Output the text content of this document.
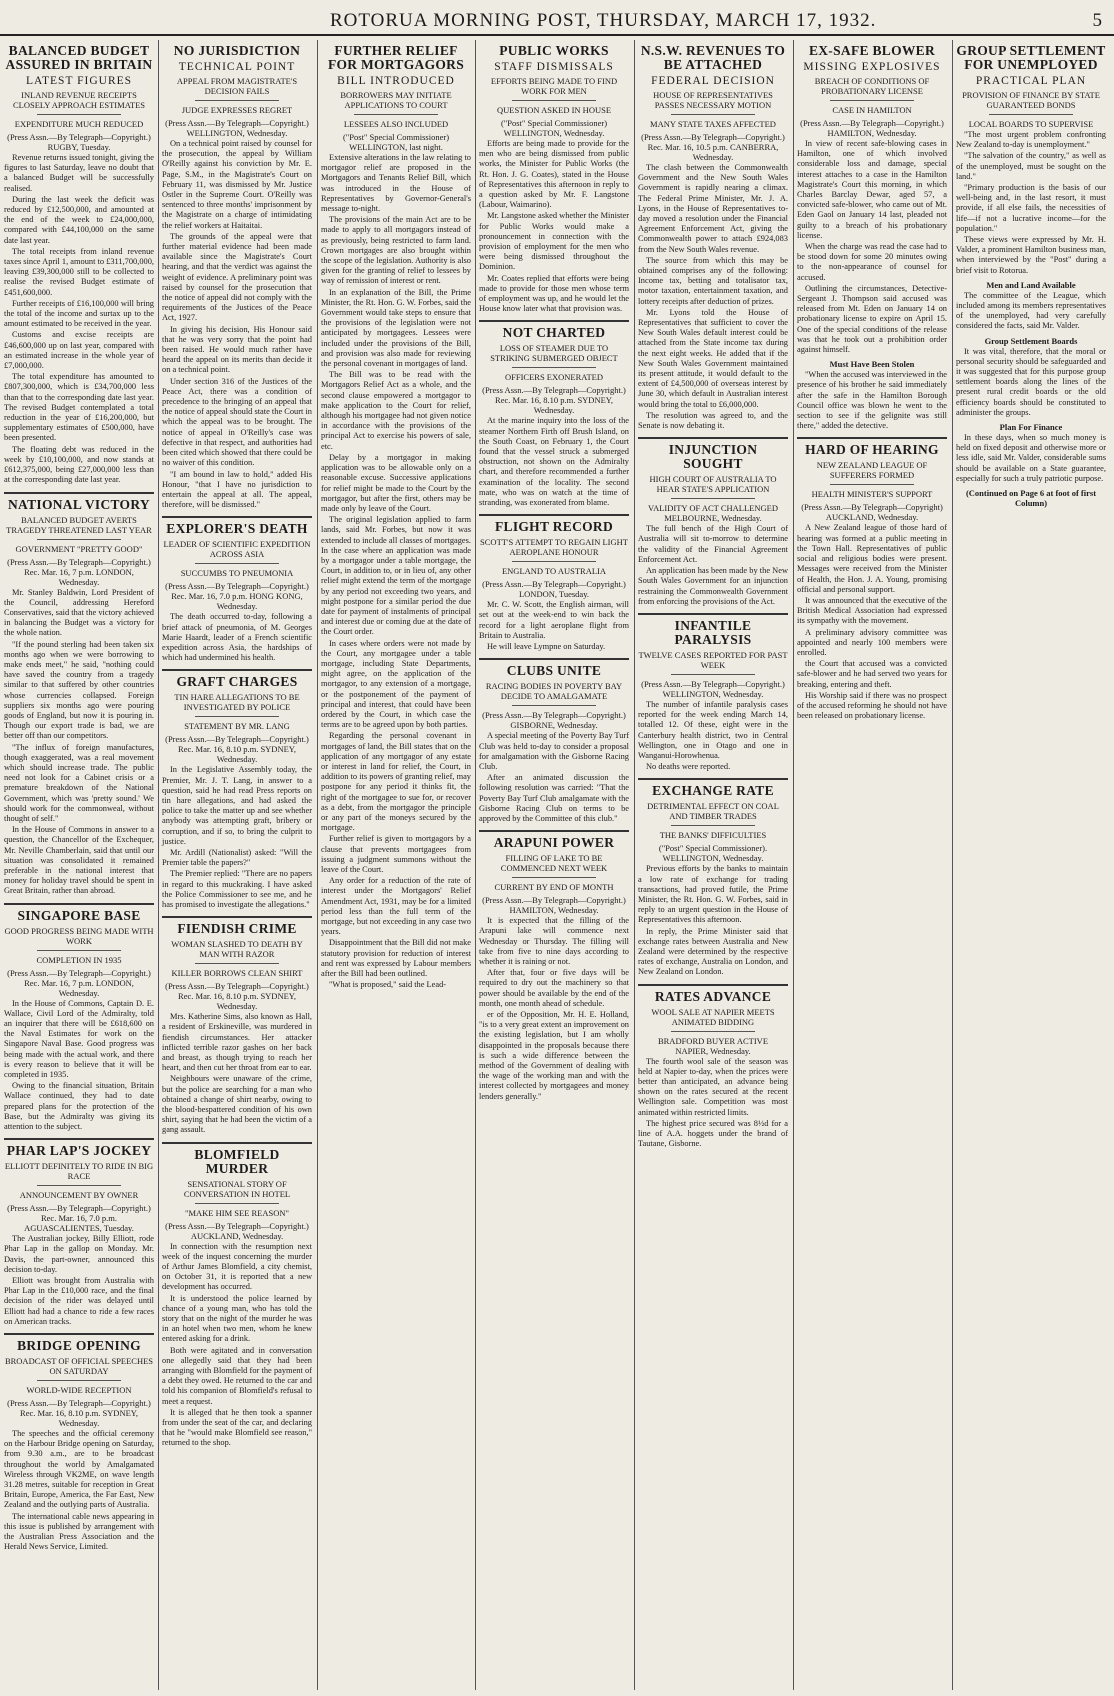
ROTORUA MORNING POST, THURSDAY, MARCH 17, 1932.	5
BALANCED BUDGET ASSURED IN BRITAIN
LATEST FIGURES
INLAND REVENUE RECEIPTS CLOSELY APPROACH ESTIMATES
EXPENDITURE MUCH REDUCED
(Press Assn.—By Telegraph—Copyright.)
RUGBY, Tuesday.

Revenue returns issued tonight, giving the figures to last Saturday, leave no doubt that a balanced Budget will be successfully realised.

During the last week the deficit was reduced by £12,500,000, and amounted at the end of the week to £24,000,000, compared with £44,100,000 on the same date last year.

The total receipts from inland revenue taxes since April 1, amount to £311,700,000, leaving £39,300,000 still to be collected to realise the revised Budget estimate of £451,600,000.

Further receipts of £16,100,000 will bring the total of the income and surtax up to the amount estimated to be received in the year.

Customs and excise receipts are £46,600,000 up on last year, compared with an estimated increase in the whole year of £7,000,000.

The total expenditure has amounted to £807,300,000, which is £34,700,000 less than that to the corresponding date last year. The revised Budget contemplated a total reduction in the year of £16,200,000, but supplementary estimates of £500,000, have been presented.

The floating debt was reduced in the week by £10,100,000, and now stands at £612,375,000, being £27,000,000 less than at the corresponding date last year.

NATIONAL VICTORY
BALANCED BUDGET AVERTS TRAGEDY THREATENED LAST YEAR
GOVERNMENT "PRETTY GOOD"
(Press Assn.—By Telegraph—Copyright.)
Rec. Mar. 16, 7 p.m. LONDON, Wednesday.

Mr. Stanley Baldwin, Lord President of the Council, addressing Hereford Conservatives, said that the victory achieved in balancing the Budget was a victory for the whole nation.

"If the pound sterling had been taken six months ago when we were borrowing to make ends meet," he said, "nothing could have saved the country from a tragedy similar to that suffered by other countries whose currencies collapsed. Foreign suppliers six months ago were pouring goods of England, but now it is pouring in. Though our export trade is bad, we are better off than our competitors.

"The influx of foreign manufactures, though exaggerated, was a real movement which should increase trade. The public need not look for a Cabinet crisis or a premature breakdown of the National Government, which was 'pretty sound.' We should work for the commonweal, without thought of self."

In the House of Commons in answer to a question, the Chancellor of the Exchequer, Mr. Neville Chamberlain, said that until our situation was consolidated it remained preferable in the national interest that money for holiday travel should be spent in Great Britain, rather than abroad.

SINGAPORE BASE
GOOD PROGRESS BEING MADE WITH WORK
COMPLETION IN 1935
(Press Assn.—By Telegraph—Copyright.)
Rec. Mar. 16, 7 p.m. LONDON, Wednesday.

In the House of Commons, Captain D. E. Wallace, Civil Lord of the Admiralty, told an inquirer that there will be £618,600 on the Naval Estimates for work on the Singapore Naval Base. Good progress was being made with the actual work, and there is every reason to believe that it will be completed in 1935.

Owing to the financial situation, Britain Wallace continued, they had to date prepared plans for the protection of the Base, but the Admiralty was giving its attention to the subject.

PHAR LAP'S JOCKEY
ELLIOTT DEFINITELY TO RIDE IN BIG RACE
ANNOUNCEMENT BY OWNER
(Press Assn.—By Telegraph—Copyright.)
Rec. Mar. 16, 7.0 p.m. AGUASCALIENTES, Tuesday.

The Australian jockey, Billy Elliott, rode Phar Lap in the gallop on Monday. Mr. Davis, the part-owner, announced this decision to-day.

Elliott was brought from Australia with Phar Lap in the £10,000 race, and the final decision of the rider was delayed until Elliott had had a chance to ride a few races on American tracks.

BRIDGE OPENING
BROADCAST OF OFFICIAL SPEECHES ON SATURDAY
WORLD-WIDE RECEPTION
(Press Assn.—By Telegraph—Copyright.)
Rec. Mar. 16, 8.10 p.m. SYDNEY, Wednesday.

The speeches and the official ceremony on the Harbour Bridge opening on Saturday, from 9.30 a.m., are to be broadcast throughout the world by Amalgamated Wireless through VK2ME, on wave length 31.28 metres, suitable for reception in Great Britain, Europe, America, the Far East, New Zealand and the outlying parts of Australia.

The international cable news appearing in this issue is published by arrangement with the Australian Press Association and the Herald News Service, Limited.

NO JURISDICTION
TECHNICAL POINT
APPEAL FROM MAGISTRATE'S DECISION FAILS
JUDGE EXPRESSES REGRET
(Press Assn.—By Telegraph—Copyright.)
WELLINGTON, Wednesday.

On a technical point raised by counsel for the prosecution, the appeal by William O'Reilly against his conviction by Mr. E. Page, S.M., in the Magistrate's Court on February 11, was dismissed by Mr. Justice Ostler in the Supreme Court. O'Reilly was sentenced to three months' imprisonment by the Magistrate on a charge of intimidating the relief workers at Haitaitai.

The grounds of the appeal were that further material evidence had been made available since the Magistrate's Court hearing, and that the verdict was against the weight of evidence. A preliminary point was raised by counsel for the prosecution that the notice of appeal did not comply with the requirements of the Justices of the Peace Act, 1927.

In giving his decision, His Honour said that he was very sorry that the point had been raised. He would much rather have heard the appeal on its merits than decide it on a technical point.

Under section 316 of the Justices of the Peace Act, there was a condition of precedence to the bringing of an appeal that the notice of appeal should state the Court in which the appeal was to be brought. The notice of appeal in O'Reilly's case was defective in that respect, and authorities had been cited which showed that there could be no waiver of this condition.

"I am bound in law to hold," added His Honour, "that I have no jurisdiction to entertain the appeal at all. The appeal, therefore, will be dismissed."

EXPLORER'S DEATH
LEADER OF SCIENTIFIC EXPEDITION ACROSS ASIA
SUCCUMBS TO PNEUMONIA
(Press Assn.—By Telegraph—Copyright.)
Rec. Mar. 16, 7.0 p.m. HONG KONG, Wednesday.

The death occurred to-day, following a brief attack of pneumonia, of M. Georges Marie Haardt, leader of a French scientific expedition across Asia, the hardships of which had undermined his health.

GRAFT CHARGES
TIN HARE ALLEGATIONS TO BE INVESTIGATED BY POLICE
STATEMENT BY MR. LANG
(Press Assn.—By Telegraph—Copyright.)
Rec. Mar. 16, 8.10 p.m. SYDNEY, Wednesday.

In the Legislative Assembly today, the Premier, Mr. J. T. Lang, in answer to a question, said he had read Press reports on tin hare allegations, and had asked the police to take the matter up and see whether anybody was attempting graft, bribery or corruption, and if so, to bring the culprit to justice.

Mr. Ardill (Nationalist) asked: "Will the Premier table the papers?"

The Premier replied: "There are no papers in regard to this muckraking. I have asked the Police Commissioner to see me, and he has promised to investigate the allegations."

FIENDISH CRIME
WOMAN SLASHED TO DEATH BY MAN WITH RAZOR
KILLER BORROWS CLEAN SHIRT
(Press Assn.—By Telegraph—Copyright.)
Rec. Mar. 16, 8.10 p.m. SYDNEY, Wednesday.

Mrs. Katherine Sims, also known as Hall, a resident of Erskineville, was murdered in fiendish circumstances. Her attacker inflicted terrible razor gashes on her back and breast, as though trying to reach her heart, and then cut her throat from ear to ear.

Neighbours were unaware of the crime, but the police are searching for a man who obtained a change of shirt nearby, owing to the blood-bespattered condition of his own shirt, saying that he had been the victim of a gang assault.

BLOMFIELD MURDER
SENSATIONAL STORY OF CONVERSATION IN HOTEL
"MAKE HIM SEE REASON"
(Press Assn.—By Telegraph—Copyright.)
AUCKLAND, Wednesday.

In connection with the resumption next week of the inquest concerning the murder of Arthur James Blomfield, a city chemist, on October 31, it is reported that a new development has occurred.

It is understood the police learned by chance of a young man, who has told the story that on the night of the murder he was in an hotel when two men, whom he knew entered asking for a drink.

Both were agitated and in conversation one allegedly said that they had been arranging with Blomfield for the payment of a debt they owed. He returned to the car and told his companion of Blomfield's refusal to meet a request.

It is alleged that he then took a spanner from under the seat of the car, and declaring that he "would make Blomfield see reason," returned to the shop.

FURTHER RELIEF FOR MORTGAGORS
BILL INTRODUCED
BORROWERS MAY INITIATE APPLICATIONS TO COURT
LESSEES ALSO INCLUDED
("Post" Special Commissioner)
WELLINGTON, last night.

Extensive alterations in the law relating to mortgagor relief are proposed in the Mortgagors and Tenants Relief Bill, which was introduced in the House of Representatives by Governor-General's message to-night.

The provisions of the main Act are to be made to apply to all mortgagors instead of as previously, being restricted to farm land. Crown mortgages are also brought within the scope of the legislation. Authority is also given for the granting of relief to lessees by way of remission of interest or rent.

In an explanation of the Bill, the Prime Minister, the Rt. Hon. G. W. Forbes, said the Government would take steps to ensure that the provisions of the legislation were not anticipated by mortgagees. Lessees were included under the provisions of the Bill, and provision was also made for reviewing the personal covenant in mortgages of land.

The Bill was to be read with the Mortgagors Relief Act as a whole, and the second clause empowered a mortgagor to make application to the Court for relief, although his mortgagee had not given notice in accordance with the provisions of the principal Act to exercise his powers of sale, etc.

Delay by a mortgagor in making application was to be allowable only on a reasonable excuse. Successive applications for relief might be made to the Court by the mortgagor, but after the first, others may be made only by leave of the Court.

The original legislation applied to farm lands, said Mr. Forbes, but now it was extended to include all classes of mortgages. In the case where an application was made by a mortgagor under a table mortgage, the Court, in addition to, or in lieu of, any other relief might extend the term of the mortgage by any period not exceeding two years, and might postpone for a similar period the due date for payment of instalments of principal and interest due or coming due at the date of the Court order.

In cases where orders were not made by the Court, any mortgagee under a table mortgage, including State Departments, might agree, on the application of the mortgagor, to any extension of a mortgage, or the postponement of the payment of principal and interest, that could have been ordered by the Court, in which case the terms are to be agreed upon by both parties.

Regarding the personal covenant in mortgages of land, the Bill states that on the application of any mortgagor of any estate or interest in land for relief, the Court, in addition to its powers of granting relief, may postpone for any period it thinks fit, the right of the mortgagee to sue for, or recover as a debt, from the mortgagor the principle or any part of the moneys secured by the mortgage.

Further relief is given to mortgagors by a clause that prevents mortgagees from issuing a judgment summons without the leave of the Court.

Any order for a reduction of the rate of interest under the Mortgagors' Relief Amendment Act, 1931, may be for a limited period less than the full term of the mortgage, but not exceeding in any case two years.

Disappointment that the Bill did not make statutory provision for reduction of interest and rent was expressed by Labour members after the Bill had been outlined.

"What is proposed," said the Lead-

PUBLIC WORKS
STAFF DISMISSALS
EFFORTS BEING MADE TO FIND WORK FOR MEN
QUESTION ASKED IN HOUSE
("Post" Special Commissioner)
WELLINGTON, Wednesday.

Efforts are being made to provide for the men who are being dismissed from public works, the Minister for Public Works (the Rt. Hon. J. G. Coates), stated in the House of Representatives this afternoon in reply to a question asked by Mr. F. Langstone (Labour, Waimarino).

Mr. Langstone asked whether the Minister for Public Works would make a pronouncement in connection with the provision of employment for the men who were being dismissed throughout the Dominion.

Mr. Coates replied that efforts were being made to provide for those men whose term of employment was up, and he would let the House know later what that provision was.

NOT CHARTED
LOSS OF STEAMER DUE TO STRIKING SUBMERGED OBJECT
OFFICERS EXONERATED
(Press Assn.—By Telegraph—Copyright.)
Rec. Mar. 16, 8.10 p.m. SYDNEY, Wednesday.

At the marine inquiry into the loss of the steamer Northern Firth off Brush Island, on the South Coast, on February 1, the Court found that the vessel struck a submerged obstruction, not shown on the Admiralty chart, and therefore recommended a further examination of the locality. The second mate, who was on watch at the time of stranding, was exonerated from blame.

FLIGHT RECORD
SCOTT'S ATTEMPT TO REGAIN LIGHT AEROPLANE HONOUR
ENGLAND TO AUSTRALIA
(Press Assn.—By Telegraph—Copyright.)
LONDON, Tuesday.

Mr. C. W. Scott, the English airman, will set out at the week-end to win back the record for a light aeroplane flight from Britain to Australia.

He will leave Lympne on Saturday.

CLUBS UNITE
RACING BODIES IN POVERTY BAY DECIDE TO AMALGAMATE
(Press Assn.—By Telegraph—Copyright.)
GISBORNE, Wednesday.

A special meeting of the Poverty Bay Turf Club was held to-day to consider a proposal for amalgamation with the Gisborne Racing Club.

After an animated discussion the following resolution was carried: "That the Poverty Bay Turf Club amalgamate with the Gisborne Racing Club on terms to be approved by the Committee of this club."

ARAPUNI POWER
FILLING OF LAKE TO BE COMMENCED NEXT WEEK
CURRENT BY END OF MONTH
(Press Assn.—By Telegraph—Copyright.)
HAMILTON, Wednesday.

It is expected that the filling of the Arapuni lake will commence next Wednesday or Thursday. The filling will take from five to nine days according to whether it is raining or not.

After that, four or five days will be required to dry out the machinery so that power should be available by the end of the month, one month ahead of schedule.

er of the Opposition, Mr. H. E. Holland, "is to a very great extent an improvement on the existing legislation, but I am wholly disappointed in the proposals because there is such a wide difference between the method of the Government of dealing with the wage of the working man and with the interest collected by mortgagees and money lenders generally."

N.S.W. REVENUES TO BE ATTACHED
FEDERAL DECISION
HOUSE OF REPRESENTATIVES PASSES NECESSARY MOTION
MANY STATE TAXES AFFECTED
(Press Assn.—By Telegraph—Copyright.)
Rec. Mar. 16, 10.5 p.m. CANBERRA, Wednesday.

The clash between the Commonwealth Government and the New South Wales Government is rapidly nearing a climax. The Federal Prime Minister, Mr. J. A. Lyons, in the House of Representatives to-day moved a resolution under the Financial Agreement Enforcement Act, giving the Commonwealth power to attach £924,083 from the New South Wales revenue.

The source from which this may be obtained comprises any of the following: Income tax, betting and totalisator tax, motor taxation, entertainment taxation, and lottery receipts after deduction of prizes.

Mr. Lyons told the House of Representatives that sufficient to cover the New South Wales default interest could be attached from the State income tax during the next eight weeks. He added that if the New South Wales Government maintained its present attitude, it would default to the extent of £4,500,000 of overseas interest by June 30, which default in Australian interest would bring the total to £6,000,000.

The resolution was agreed to, and the Senate is now debating it.

INJUNCTION SOUGHT
HIGH COURT OF AUSTRALIA TO HEAR STATE'S APPLICATION
VALIDITY OF ACT CHALLENGED
MELBOURNE, Wednesday.

The full bench of the High Court of Australia will sit to-morrow to determine the validity of the Financial Agreement Enforcement Act.

An application has been made by the New South Wales Government for an injunction restraining the Commonwealth Government from enforcing the provisions of the Act.

INFANTILE PARALYSIS
TWELVE CASES REPORTED FOR PAST WEEK
(Press Assn.—By Telegraph—Copyright.)
WELLINGTON, Wednesday.

The number of infantile paralysis cases reported for the week ending March 14, totalled 12. Of these, eight were in the Canterbury health district, two in Central Wellington, one in Otago and one in Wanganui-Horowhenua.

No deaths were reported.

EXCHANGE RATE
DETRIMENTAL EFFECT ON COAL AND TIMBER TRADES
THE BANKS' DIFFICULTIES
("Post" Special Commissioner).
WELLINGTON, Wednesday.

Previous efforts by the banks to maintain a low rate of exchange for trading transactions, had proved futile, the Prime Minister, the Rt. Hon. G. W. Forbes, said in reply to an urgent question in the House of Representatives this afternoon.

In reply, the Prime Minister said that exchange rates between Australia and New Zealand were determined by the respective rates of exchange, Australia on London, and New Zealand on London.

RATES ADVANCE
WOOL SALE AT NAPIER MEETS ANIMATED BIDDING
BRADFORD BUYER ACTIVE
NAPIER, Wednesday.

The fourth wool sale of the season was held at Napier to-day, when the prices were better than anticipated, an advance being shown on the rates secured at the recent Wellington sale. Competition was most animated within restricted limits.

The highest price secured was 8½d for a line of A.A. hoggets under the brand of Tautane, Gisborne.

EX-SAFE BLOWER
MISSING EXPLOSIVES
BREACH OF CONDITIONS OF PROBATIONARY LICENSE
CASE IN HAMILTON
(Press Assn.—By Telegraph—Copyright.)
HAMILTON, Wednesday.

In view of recent safe-blowing cases in Hamilton, one of which involved considerable loss and damage, special interest attaches to a case in the Hamilton Magistrate's Court this morning, in which Charles Barclay Dewar, aged 57, a convicted safe-blower, who came out of Mt. Eden Gaol on January 14 last, pleaded not guilty to a breach of his probationary license.

When the charge was read the case had to be stood down for some 20 minutes owing to the non-appearance of counsel for accused.

Outlining the circumstances, Detective-Sergeant J. Thompson said accused was released from Mt. Eden on January 14 on probationary license to expire on April 15. One of the special conditions of the release was that he took out a prohibition order against himself.

Must Have Been Stolen

"When the accused was interviewed in the presence of his brother he said immediately after the safe in the Hamilton Borough Council office was blown he went to the section to see if the gelignite was still there," added the detective.

HARD OF HEARING
NEW ZEALAND LEAGUE OF SUFFERERS FORMED
HEALTH MINISTER'S SUPPORT
(Press Assn.—By Telegraph—Copyright)
AUCKLAND, Wednesday.

A New Zealand league of those hard of hearing was formed at a public meeting in the Town Hall. Representatives of public social and religious bodies were present. Messages were received from the Minister of Health, the Hon. J. A. Young, promising official and personal support.

It was announced that the executive of the British Medical Association had expressed its sympathy with the movement.

A preliminary advisory committee was appointed and nearly 100 members were enrolled.

the Court that accused was a convicted safe-blower and he had served two years for breaking, entering and theft.

His Worship said if there was no prospect of the accused reforming he should not have been released on probationary license.

GROUP SETTLEMENT FOR UNEMPLOYED
PRACTICAL PLAN
PROVISION OF FINANCE BY STATE GUARANTEED BONDS
LOCAL BOARDS TO SUPERVISE

"The most urgent problem confronting New Zealand to-day is unemployment."

"The salvation of the country," as well as of the unemployed, must be sought on the land."

"Primary production is the basis of our well-being and, in the last resort, it must provide, if all else fails, the necessities of life—if not a lucrative income—for the population."

These views were expressed by Mr. H. Valder, a prominent Hamilton business man, when interviewed by the "Post" during a brief visit to Rotorua.

Men and Land Available

The committee of the League, which included among its members representatives of the unemployed, had very carefully considered the facts, said Mr. Valder.

Group Settlement Boards

It was vital, therefore, that the moral or personal security should be safeguarded and it was suggested that for this purpose group settlement boards along the lines of the present rural credit boards or the old efficiency boards should be constituted to administer the groups.

Plan For Finance

In these days, when so much money is held on fixed deposit and otherwise more or less idle, said Mr. Valder, considerable sums should be available on a State guarantee, especially for such a truly patriotic purpose.

(Continued on Page 6 at foot of first Column)
